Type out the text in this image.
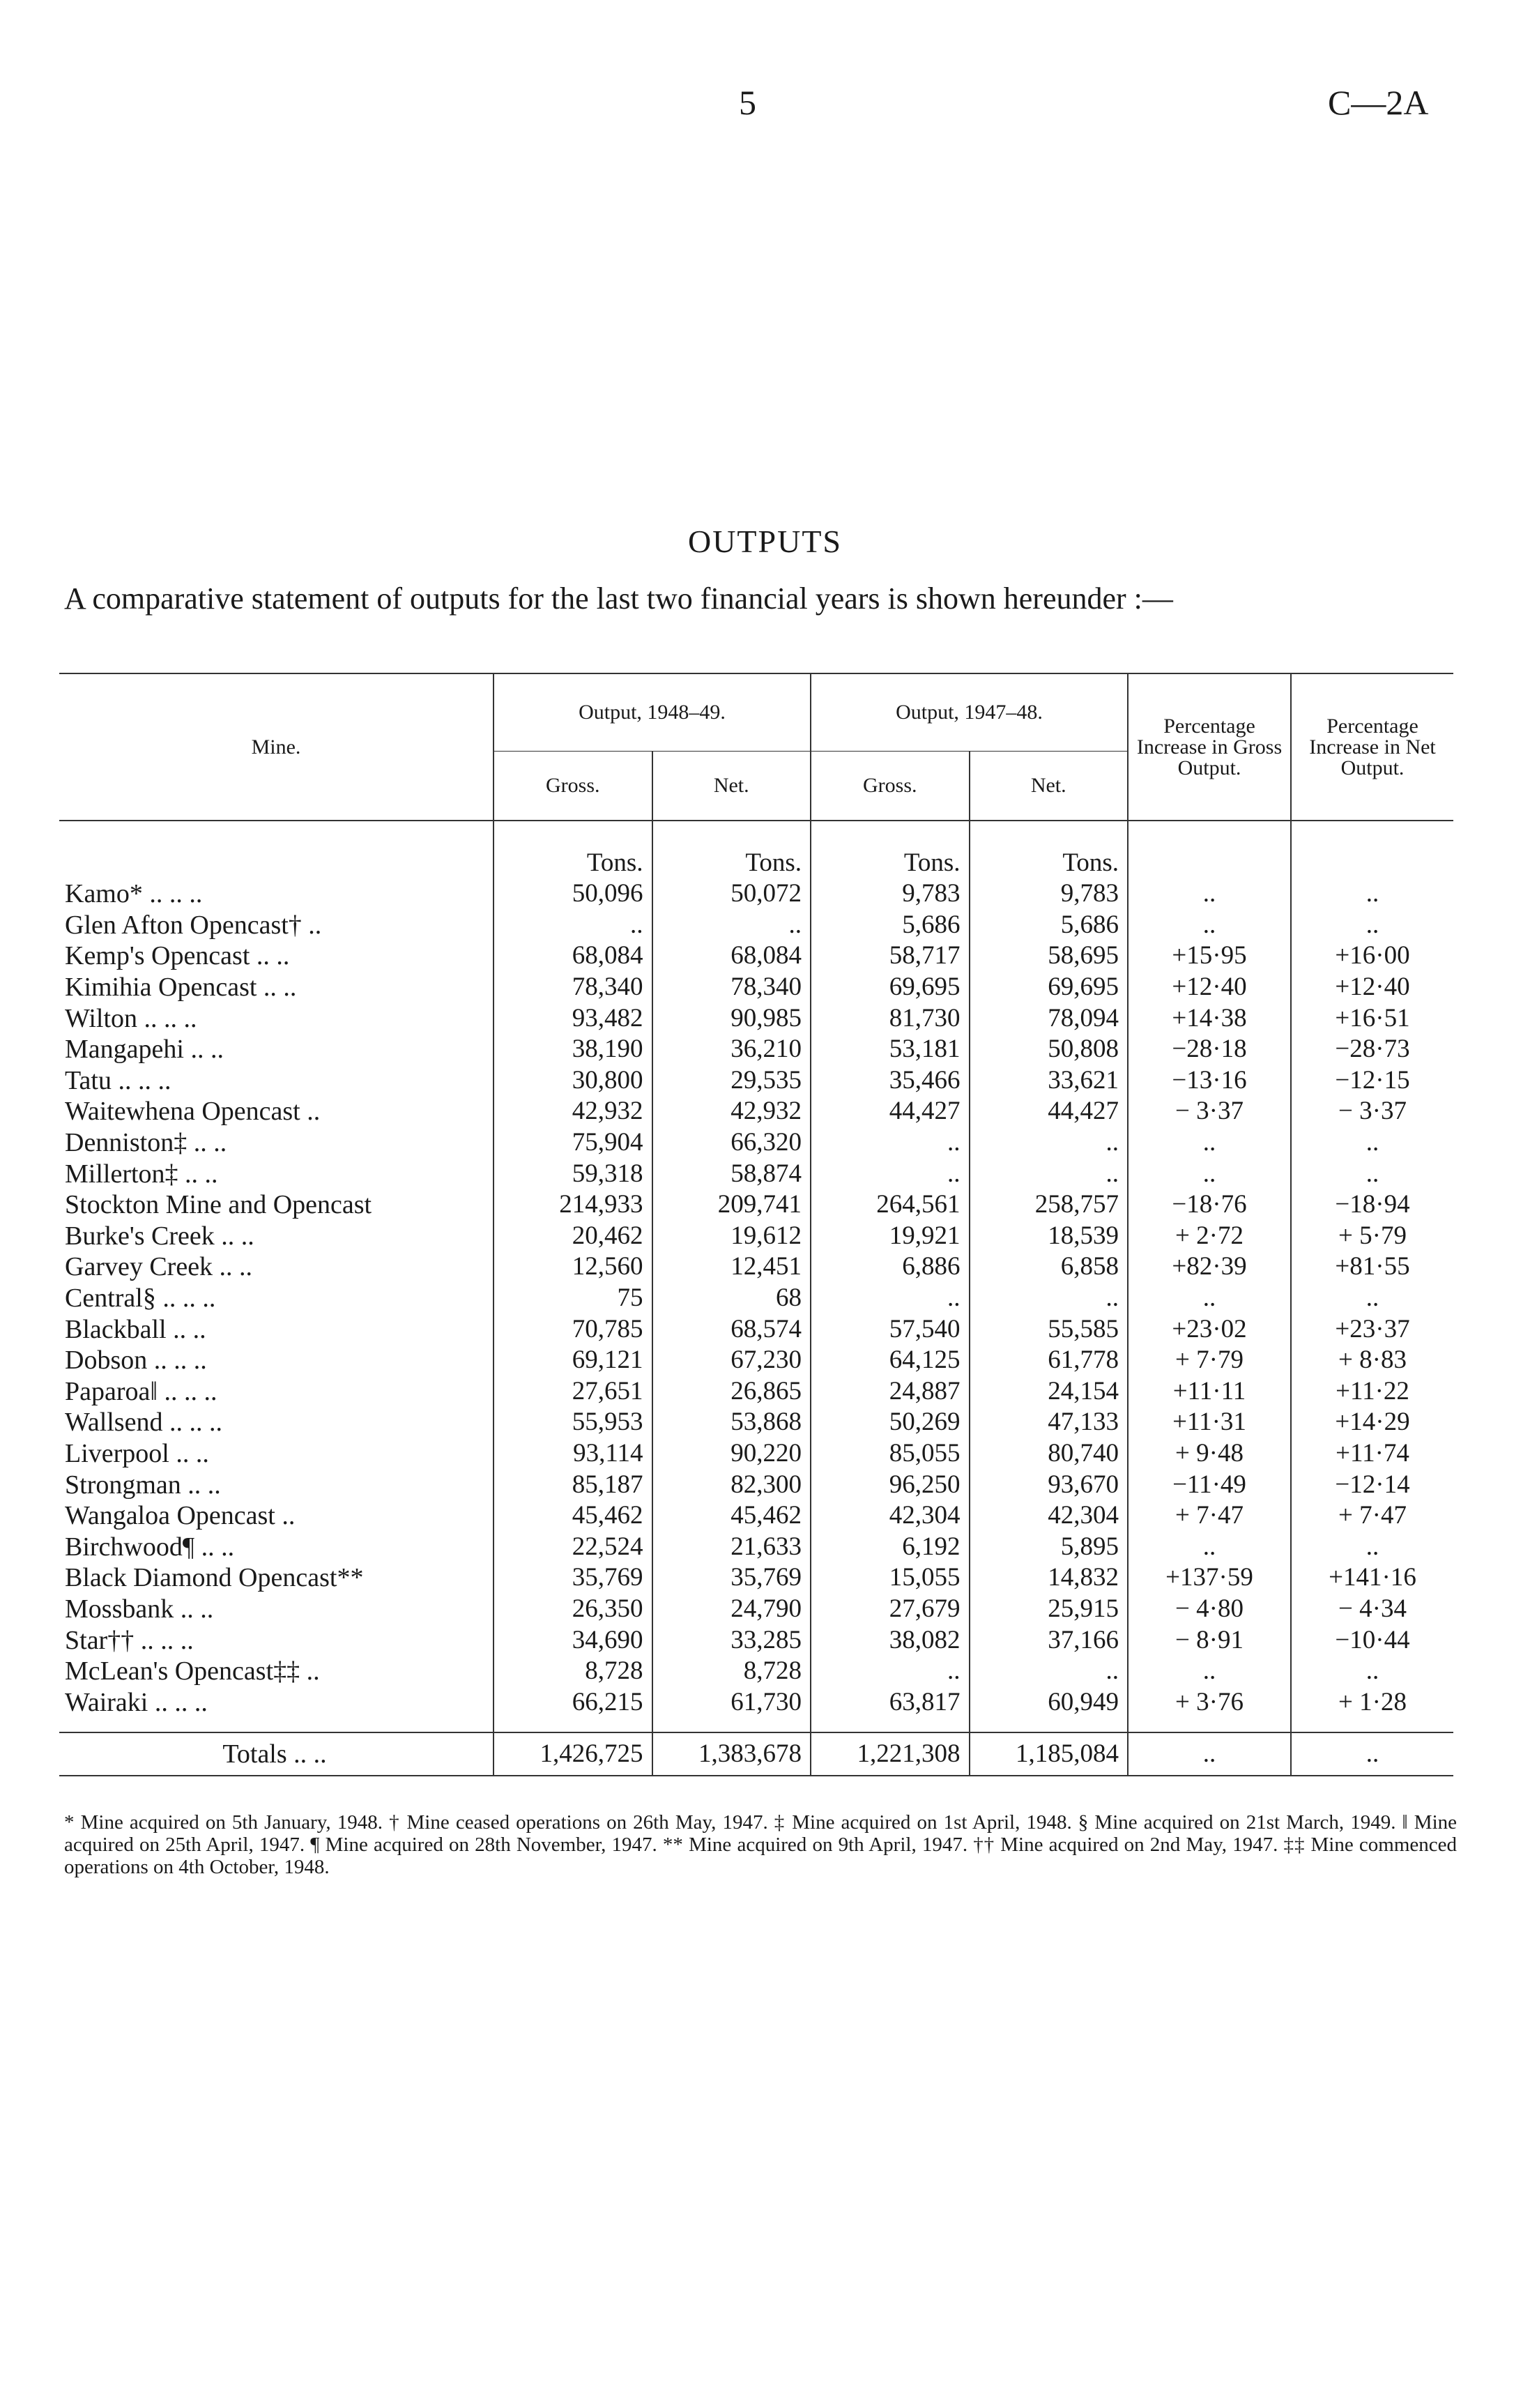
5	C—2A
OUTPUTS
A comparative statement of outputs for the last two financial years is shown hereunder :—
Mine.	Output, 1948–49.		Output, 1947–48.		Percentage Increase in Gross Output.	Percentage Increase in Net Output.
	Gross.	Net.	Gross.	Net.		

	Tons.	Tons.	Tons.	Tons.		
Kamo* .. .. ..	50,096	50,072	9,783	9,783	..	..
Glen Afton Opencast† ..	..	..	5,686	5,686	..	..
Kemp's Opencast .. ..	68,084	68,084	58,717	58,695	+15·95	+16·00
Kimihia Opencast .. ..	78,340	78,340	69,695	69,695	+12·40	+12·40
Wilton .. .. ..	93,482	90,985	81,730	78,094	+14·38	+16·51
Mangapehi .. ..	38,190	36,210	53,181	50,808	−28·18	−28·73
Tatu .. .. ..	30,800	29,535	35,466	33,621	−13·16	−12·15
Waitewhena Opencast ..	42,932	42,932	44,427	44,427	− 3·37	− 3·37
Denniston‡ .. ..	75,904	66,320	..	..	..	..
Millerton‡ .. ..	59,318	58,874	..	..	..	..
Stockton Mine and Opencast	214,933	209,741	264,561	258,757	−18·76	−18·94
Burke's Creek .. ..	20,462	19,612	19,921	18,539	+ 2·72	+ 5·79
Garvey Creek .. ..	12,560	12,451	6,886	6,858	+82·39	+81·55
Central§ .. .. ..	75	68	..	..	..	..
Blackball .. ..	70,785	68,574	57,540	55,585	+23·02	+23·37
Dobson .. .. ..	69,121	67,230	64,125	61,778	+ 7·79	+ 8·83
Paparoa‖ .. .. ..	27,651	26,865	24,887	24,154	+11·11	+11·22
Wallsend .. .. ..	55,953	53,868	50,269	47,133	+11·31	+14·29
Liverpool .. ..	93,114	90,220	85,055	80,740	+ 9·48	+11·74
Strongman .. ..	85,187	82,300	96,250	93,670	−11·49	−12·14
Wangaloa Opencast ..	45,462	45,462	42,304	42,304	+ 7·47	+ 7·47
Birchwood¶ .. ..	22,524	21,633	6,192	5,895	..	..
Black Diamond Opencast**	35,769	35,769	15,055	14,832	+137·59	+141·16
Mossbank .. ..	26,350	24,790	27,679	25,915	− 4·80	− 4·34
Star†† .. .. ..	34,690	33,285	38,082	37,166	− 8·91	−10·44
McLean's Opencast‡‡ ..	8,728	8,728	..	..	..	..
Wairaki .. .. ..	66,215	61,730	63,817	60,949	+ 3·76	+ 1·28

Totals .. ..	1,426,725	1,383,678	1,221,308	1,185,084	..	..
* Mine acquired on 5th January, 1948. † Mine ceased operations on 26th May, 1947. ‡ Mine acquired on 1st April, 1948. § Mine acquired on 21st March, 1949. ‖ Mine acquired on 25th April, 1947. ¶ Mine acquired on 28th November, 1947. ** Mine acquired on 9th April, 1947. †† Mine acquired on 2nd May, 1947. ‡‡ Mine commenced operations on 4th October, 1948.
